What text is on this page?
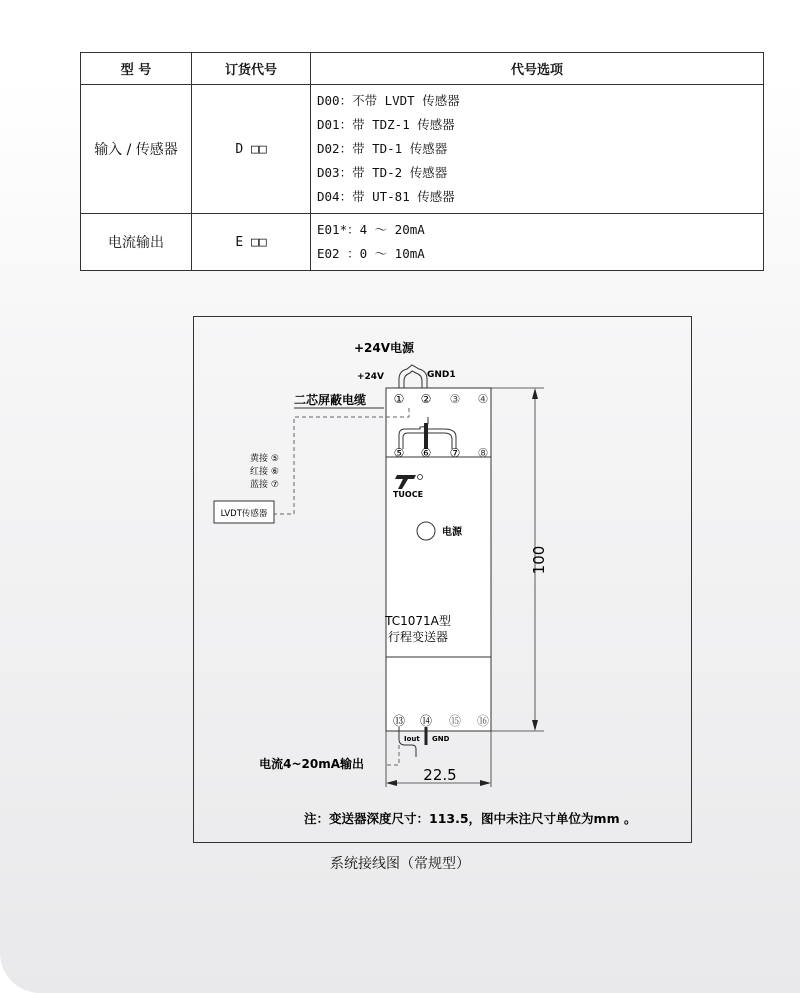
型 号	订货代号	代号选项
输入 / 传感器	D □□	D00：不带 LVDT 传感器
D01：带 TDZ-1 传感器
D02：带 TD-1 传感器
D03：带 TD-2 传感器
D04：带 UT-81 传感器

电流输出	E □□	E01*：4 ～ 20mA
E02 ：0 ～ 10mA
+24V电源
+24V	GND1
二芯屏蔽电缆 ① ② ③ ④
⑤ ⑥ ⑦ ⑧
黄接 ⑤
红接 ⑥
蓝接 ⑦
LVDT传感器
TUOCE
电源
TC1071A型
行程变送器
⑬ ⑭ ⑮ ⑯
Iout GND
电流4~20mA输出
100
22.5
注：变送器深度尺寸：113.5，图中未注尺寸单位为mm 。
系统接线图（常规型）
